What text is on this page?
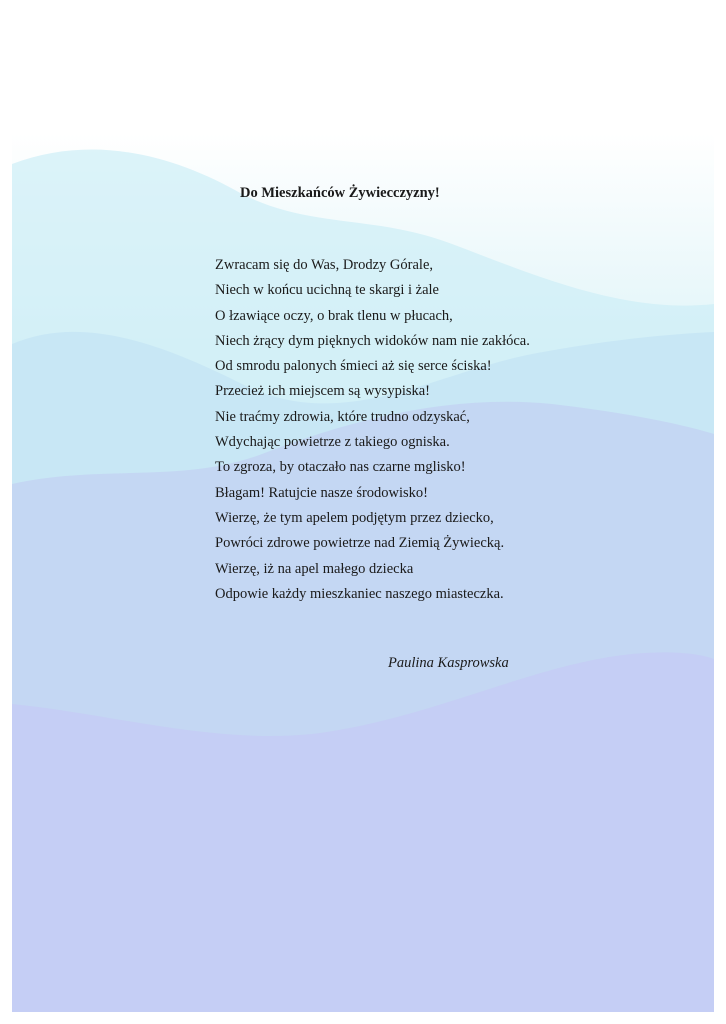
Do Mieszkańców Żywiecczyzny!
Zwracam się do Was, Drodzy Górale,
Niech w końcu ucichną te skargi i żale
O łzawiące oczy, o brak tlenu w płucach,
Niech żrący dym pięknych widoków nam nie zakłóca.
Od smrodu palonych śmieci aż się serce ściska!
Przecież ich miejscem są wysypiska!
Nie traćmy zdrowia, które trudno odzyskać,
Wdychając powietrze z takiego ogniska.
To zgroza, by otaczało nas czarne mglisko!
Błagam! Ratujcie nasze środowisko!
Wierzę, że tym apelem podjętym przez dziecko,
Powróci zdrowe powietrze nad Ziemią Żywiecką.
Wierzę, iż na apel małego dziecka
Odpowie każdy mieszkaniec naszego miasteczka.

Paulina Kasprowska
